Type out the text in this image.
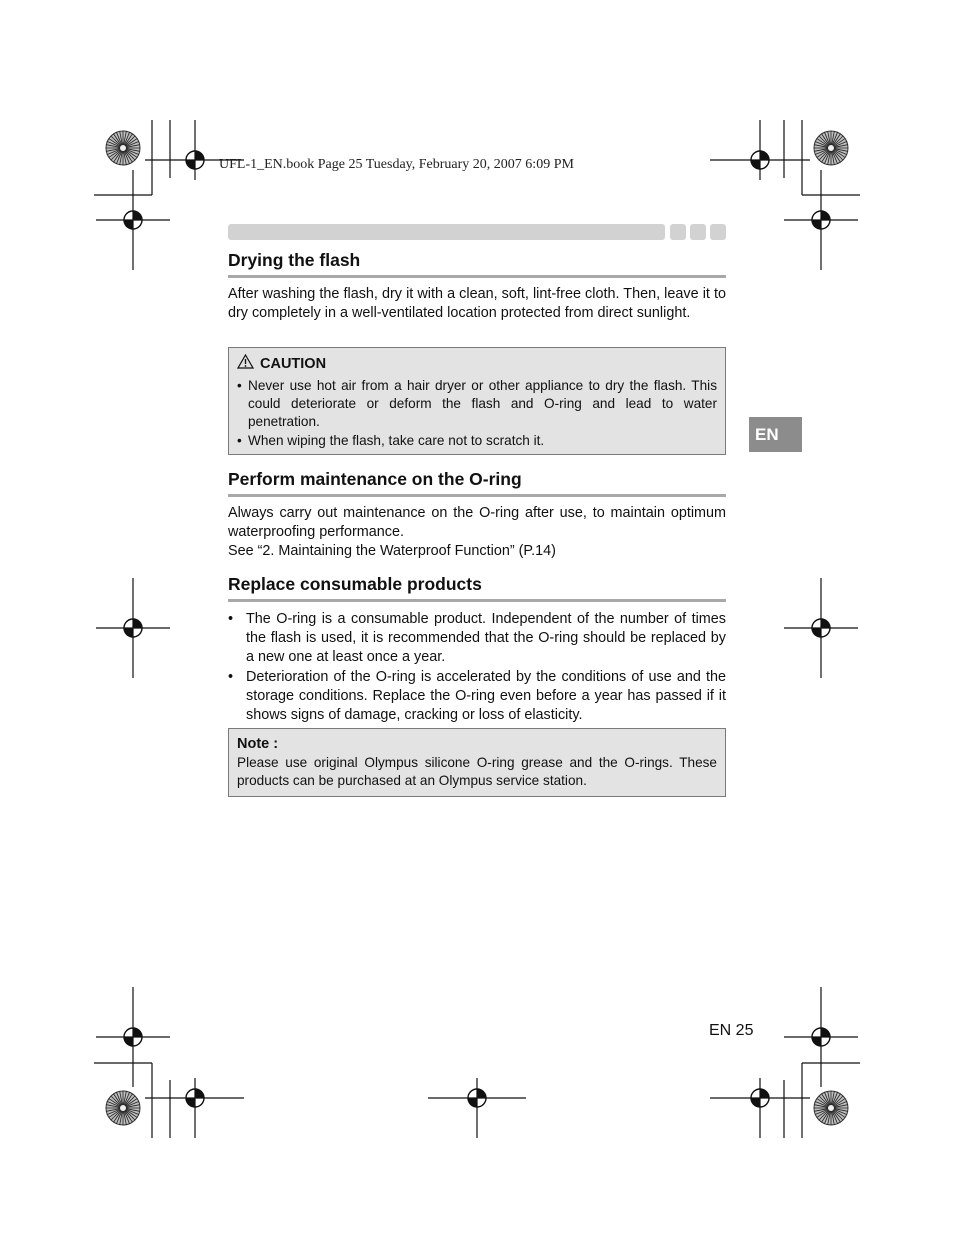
UFL-1_EN.book Page 25 Tuesday, February 20, 2007 6:09 PM
Drying the flash

After washing the flash, dry it with a clean, soft, lint-free cloth. Then, leave it to dry completely in a well-ventilated location protected from direct sunlight.

CAUTION
• Never use hot air from a hair dryer or other appliance to dry the flash. This could deteriorate or deform the flash and O-ring and lead to water penetration.
• When wiping the flash, take care not to scratch it.
Perform maintenance on the O-ring

Always carry out maintenance on the O-ring after use, to maintain optimum waterproofing performance.

See “2. Maintaining the Waterproof Function” (P.14)

Replace consumable products
• The O-ring is a consumable product. Independent of the number of times the flash is used, it is recommended that the O-ring should be replaced by a new one at least once a year.
• Deterioration of the O-ring is accelerated by the conditions of use and the storage conditions. Replace the O-ring even before a year has passed if it shows signs of damage, cracking or loss of elasticity.
Note :
Please use original Olympus silicone O-ring grease and the O-rings. These products can be purchased at an Olympus service station.
EN
EN 25
